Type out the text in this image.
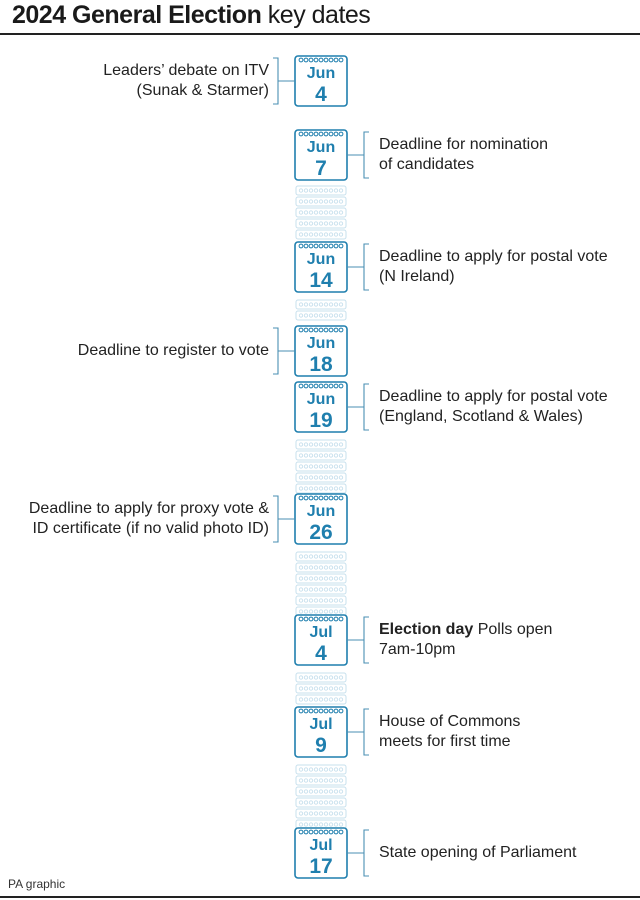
2024 General Election key dates
Jun
4
Jun
7
Jun
14
Jun
18
Jun
19
Jun
26
Jul
4
Jul
9
Jul
17
Leaders’ debate on ITV
(Sunak & Starmer)
Deadline for nomination
of candidates
Deadline to apply for postal vote
(N Ireland)
Deadline to register to vote
Deadline to apply for postal vote
(England, Scotland & Wales)
Deadline to apply for proxy vote &
ID certificate (if no valid photo ID)
Election day Polls open
7am-10pm
House of Commons
meets for first time
State opening of Parliament
PA graphic
